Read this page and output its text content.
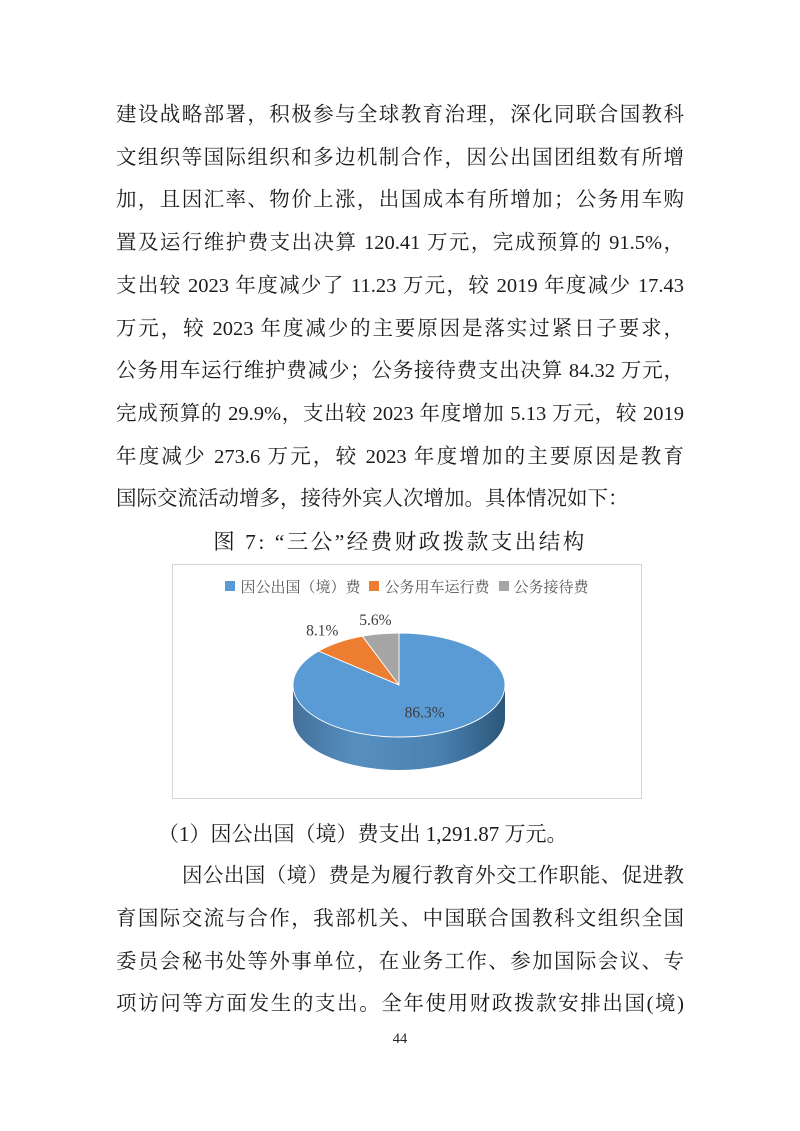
建设战略部署，积极参与全球教育治理，深化同联合国教科
文组织等国际组织和多边机制合作，因公出国团组数有所增
加，且因汇率、物价上涨，出国成本有所增加；公务用车购
置及运行维护费支出决算 120.41 万元，完成预算的 91.5%，
支出较 2023 年度减少了 11.23 万元，较 2019 年度减少 17.43
万元，较 2023 年度减少的主要原因是落实过紧日子要求，
公务用车运行维护费减少；公务接待费支出决算 84.32 万元，
完成预算的 29.9%，支出较 2023 年度增加 5.13 万元，较 2019
年度减少 273.6 万元，较 2023 年度增加的主要原因是教育
国际交流活动增多，接待外宾人次增加。具体情况如下：
图 7: “三公”经费财政拨款支出结构
86.3%
8.1%
5.6%
因公出国（境）费 公务用车运行费 公务接待费
（1）因公出国（境）费支出 1,291.87 万元。
因公出国（境）费是为履行教育外交工作职能、促进教
育国际交流与合作，我部机关、中国联合国教科文组织全国
委员会秘书处等外事单位，在业务工作、参加国际会议、专
项访问等方面发生的支出。全年使用财政拨款安排出国(境)
44
